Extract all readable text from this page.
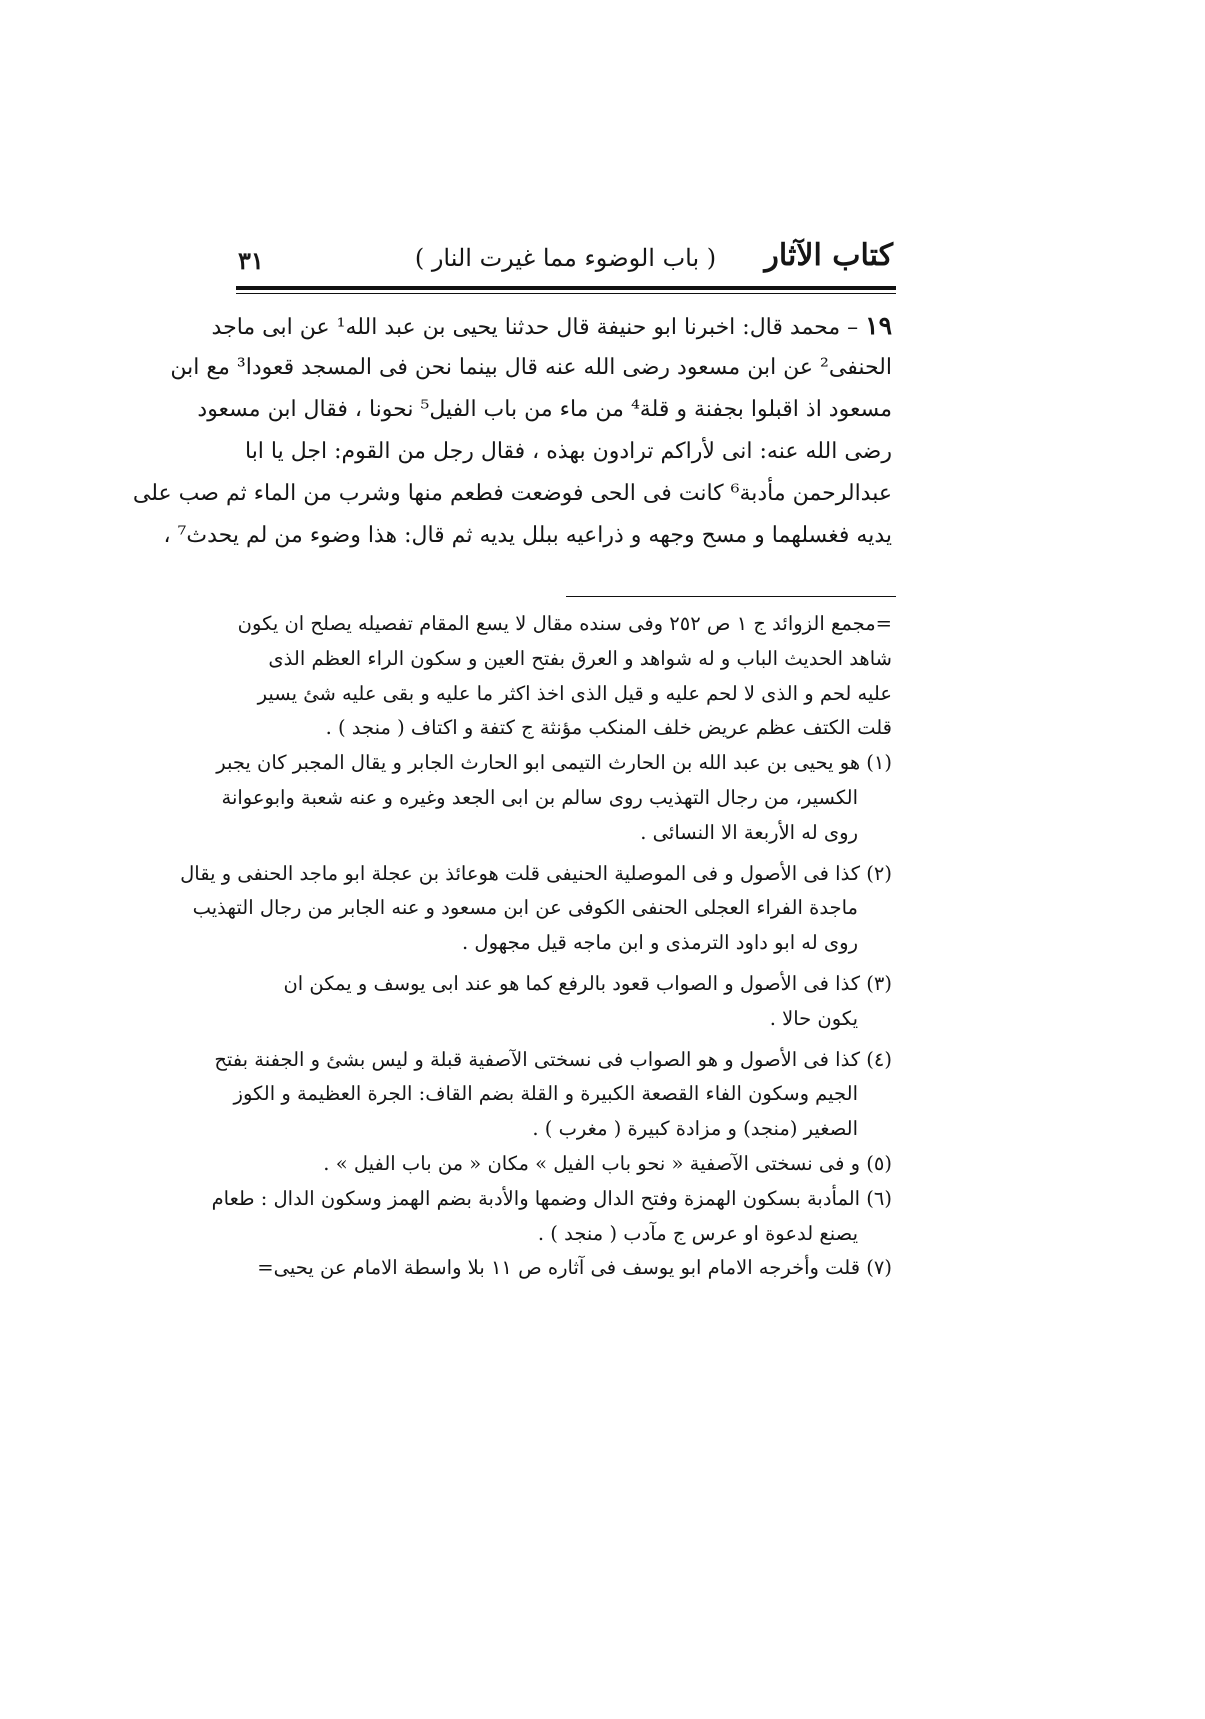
كتاب الآثار
( باب الوضوء مما غيرت النار )
٣١
١٩ – محمد قال: اخبرنا ابو حنيفة قال حدثنا يحيى بن عبد الله¹ عن ابى ماجد
الحنفى² عن ابن مسعود رضى الله عنه قال بينما نحن فى المسجد قعودا³ مع ابن
مسعود اذ اقبلوا بجفنة و قلة⁴ من ماء من باب الفيل⁵ نحونا ، فقال ابن مسعود
رضى الله عنه: انى لأراكم ترادون بهذه ، فقال رجل من القوم: اجل يا ابا
عبدالرحمن مأدبة⁶ كانت فى الحى فوضعت فطعم منها وشرب من الماء ثم صب على
يديه فغسلهما و مسح وجهه و ذراعيه ببلل يديه ثم قال: هذا وضوء من لم يحدث⁷ ،
=مجمع الزوائد ج ١ ص ٢٥٢ وفى سنده مقال لا يسع المقام تفصيله يصلح ان يكون
شاهد الحديث الباب و له شواهد و العرق بفتح العين و سكون الراء العظم الذى
عليه لحم و الذى لا لحم عليه و قيل الذى اخذ اكثر ما عليه و بقى عليه شئ يسير
قلت الكتف عظم عريض خلف المنكب مؤنثة ج كتفة و اكتاف ( منجد ) .
(١) هو يحيى بن عبد الله بن الحارث التيمى ابو الحارث الجابر و يقال المجبر كان يجبر
الكسير، من رجال التهذيب روى سالم بن ابى الجعد وغيره و عنه شعبة وابوعوانة
روى له الأربعة الا النسائى .
(٢) كذا فى الأصول و فى الموصلية الحنيفى قلت هوعائذ بن عجلة ابو ماجد الحنفى و يقال
ماجدة الفراء العجلى الحنفى الكوفى عن ابن مسعود و عنه الجابر من رجال التهذيب
روى له ابو داود الترمذى و ابن ماجه قيل مجهول .
(٣) كذا فى الأصول و الصواب قعود بالرفع كما هو عند ابى يوسف و يمكن ان
يكون حالا .
(٤) كذا فى الأصول و هو الصواب فى نسختى الآصفية قبلة و ليس بشئ و الجفنة بفتح
الجيم وسكون الفاء القصعة الكبيرة و القلة بضم القاف: الجرة العظيمة و الكوز
الصغير (منجد) و مزادة كبيرة ( مغرب ) .
(٥) و فى نسختى الآصفية « نحو باب الفيل » مكان « من باب الفيل » .
(٦) المأدبة بسكون الهمزة وفتح الدال وضمها والأدبة بضم الهمز وسكون الدال : طعام
يصنع لدعوة او عرس ج مآدب ( منجد ) .
(٧) قلت وأخرجه الامام ابو يوسف فى آثاره ص ١١ بلا واسطة الامام عن يحيى=
